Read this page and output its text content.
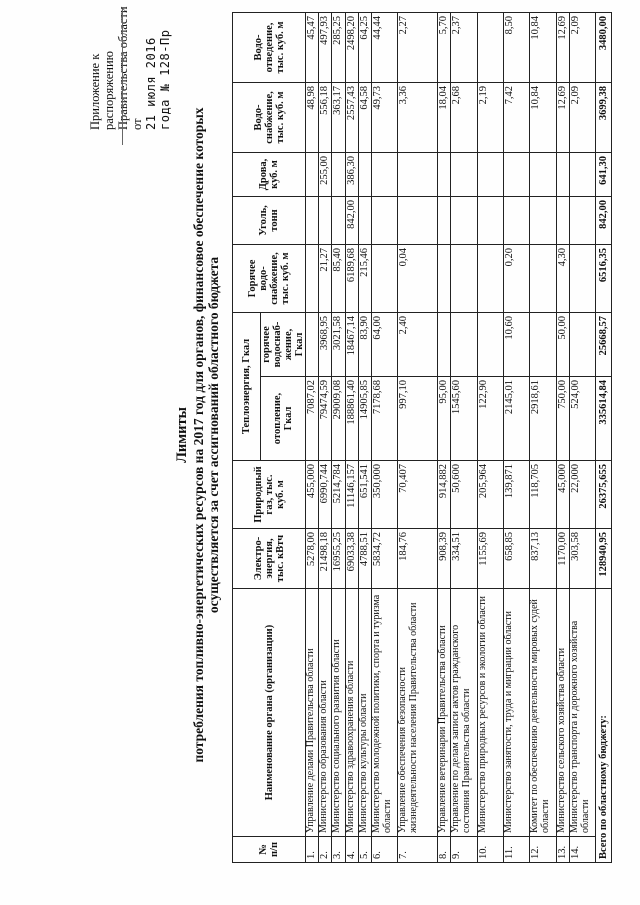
Приложение к распоряжению Правительства области от 21 июля 2016 года № 128-Пр
Лимиты потребления топливно-энергетических ресурсов на 2017 год для органов, финансовое обеспечение которых осуществляется за счет ассигнований областного бюджета
№ п/п	Наименование органа (организации)	Электро-энергия, тыс. кВтч	Природный газ, тыс. куб. м	Теплоэнергия, Гкал		Горячее водо-снабжение, тыс. куб. м	Уголь, тонн	Дрова, куб. м	Водо-снабжение, тыс. куб. м	Водо-отведение, тыс. куб. м
				отопление, Гкал	горячее водоснаб-жение, Гкал					
1.	Управление делами Правительства области	5278,00	455,000	7087,02					48,98	45,47
2.	Министерство образования области	21498,18	6990,744	79474,59	3968,95	21,27		255,00	556,18	497,93
3.	Министерство социального развития области	16955,25	5214,784	29009,08	3021,58	85,40			363,17	285,25
4.	Министерство здравоохранения области	69033,38	11146,157	188861,40	18467,14	6189,68	842,00	386,30	2557,43	2498,20
5.	Министерство культуры области	4788,51	651,541	14905,85	83,90	215,46			64,58	64,25
6.	Министерство молодежной политики, спорта и туризма области	5834,72	350,000	7178,68	64,00				49,73	44,44
7.	Управление обеспечения безопасности жизнедеятельности населения Правительства области	184,76	70,407	997,10	2,40	0,04			3,36	2,27
8.	Управление ветеринарии Правительства области	908,39	914,882	95,00					18,04	5,70
9.	Управление по делам записи актов гражданского состояния Правительства области	334,51	50,600	1545,60					2,68	2,37
10.	Министерство природных ресурсов и экологии области	1155,69	205,964	122,90					2,19	
11.	Министерство занятости, труда и миграции области	658,85	139,871	2145,01	10,60	0,20			7,42	8,50
12.	Комитет по обеспечению деятельности мировых судей области	837,13	118,705	2918,61					10,84	10,84
13.	Министерство сельского хозяйства области	1170,00	45,000	750,00	50,00	4,30			12,69	12,69
14.	Министерство транспорта и дорожного хозяйства области	303,58	22,000	524,00					2,09	2,09
Всего по областному бюджету:		128940,95	26375,655	335614,84	25668,57	6516,35	842,00	641,30	3699,38	3480,00
